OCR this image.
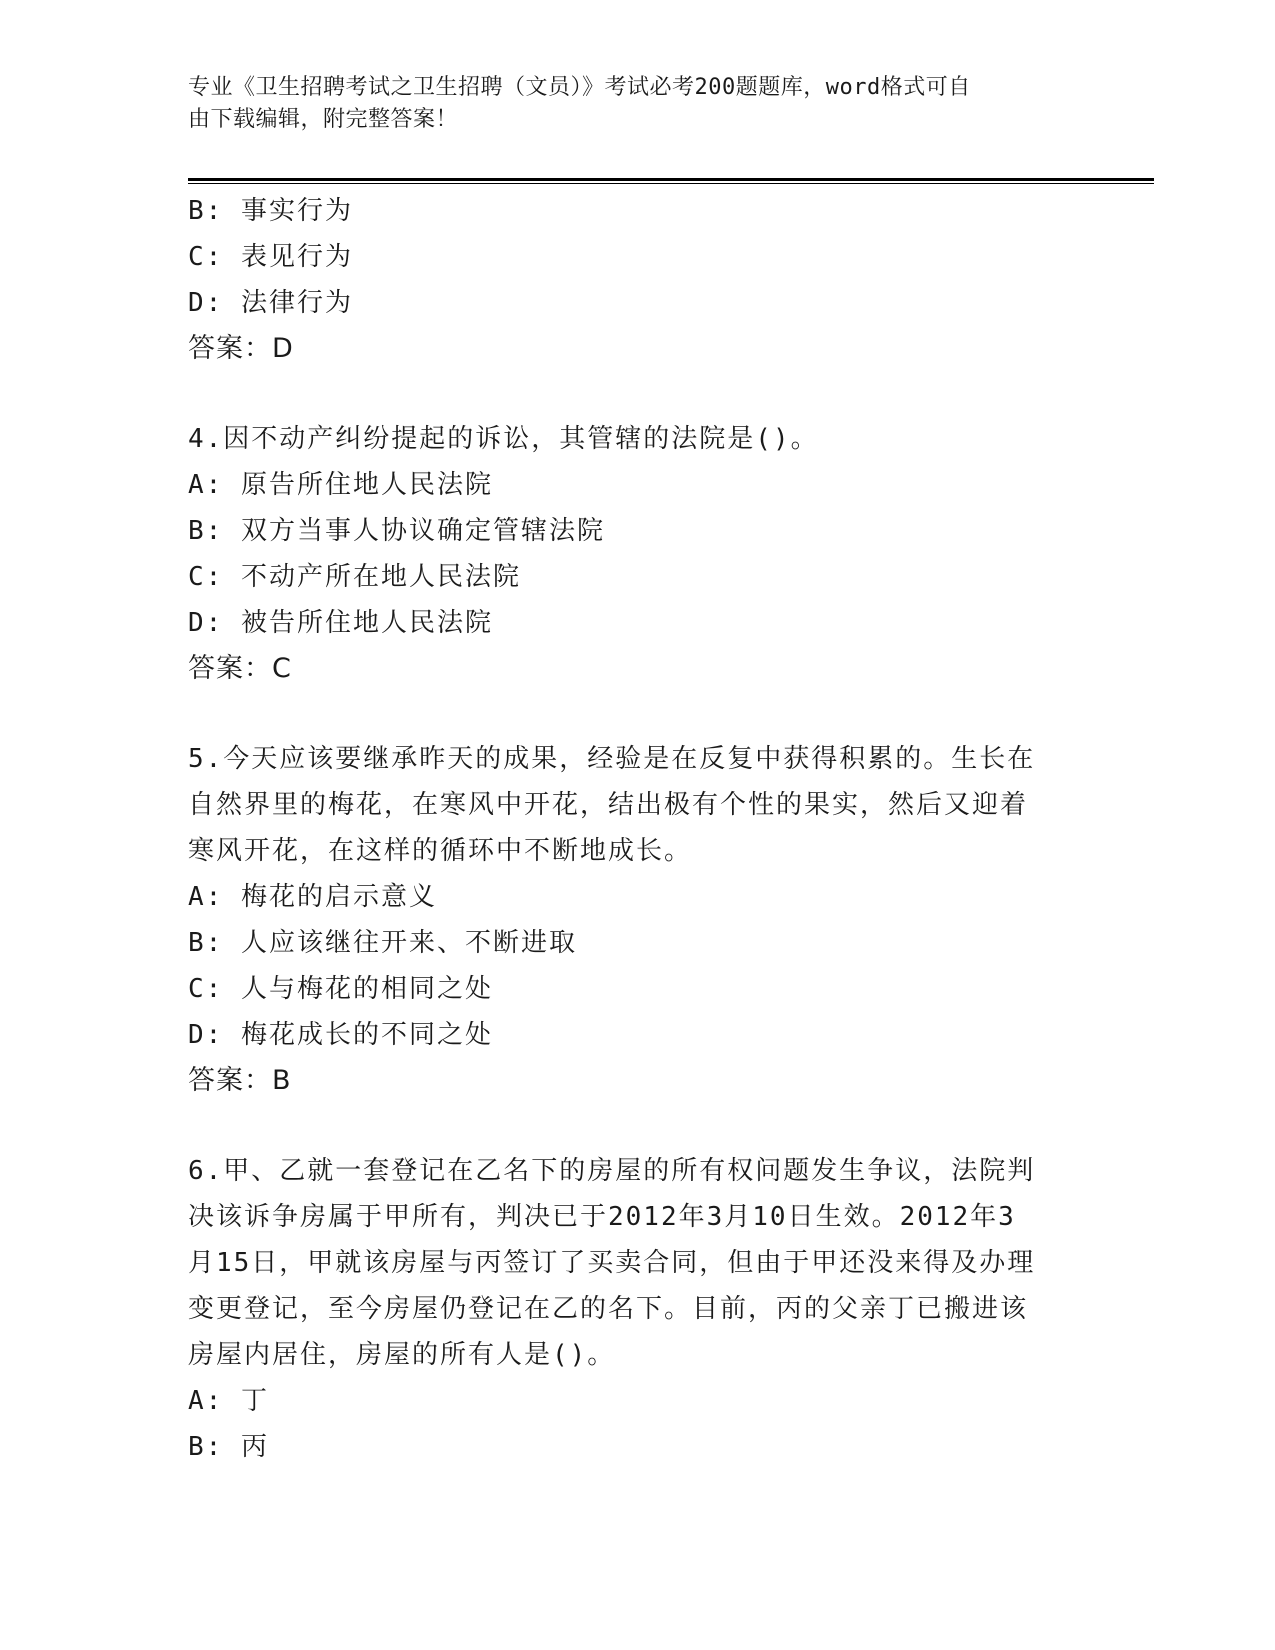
专业《卫生招聘考试之卫生招聘（文员）》考试必考200题题库，word格式可自
由下载编辑，附完整答案！
B: 事实行为
C: 表见行为
D: 法律行为
答案：D
4.因不动产纠纷提起的诉讼，其管辖的法院是()。
A: 原告所住地人民法院
B: 双方当事人协议确定管辖法院
C: 不动产所在地人民法院
D: 被告所住地人民法院
答案：C
5.今天应该要继承昨天的成果，经验是在反复中获得积累的。生长在
自然界里的梅花，在寒风中开花，结出极有个性的果实，然后又迎着
寒风开花，在这样的循环中不断地成长。
A: 梅花的启示意义
B: 人应该继往开来、不断进取
C: 人与梅花的相同之处
D: 梅花成长的不同之处
答案：B
6.甲、乙就一套登记在乙名下的房屋的所有权问题发生争议，法院判
决该诉争房属于甲所有，判决已于2012年3月10日生效。2012年3
月15日，甲就该房屋与丙签订了买卖合同，但由于甲还没来得及办理
变更登记，至今房屋仍登记在乙的名下。目前，丙的父亲丁已搬进该
房屋内居住，房屋的所有人是()。
A: 丁
B: 丙
